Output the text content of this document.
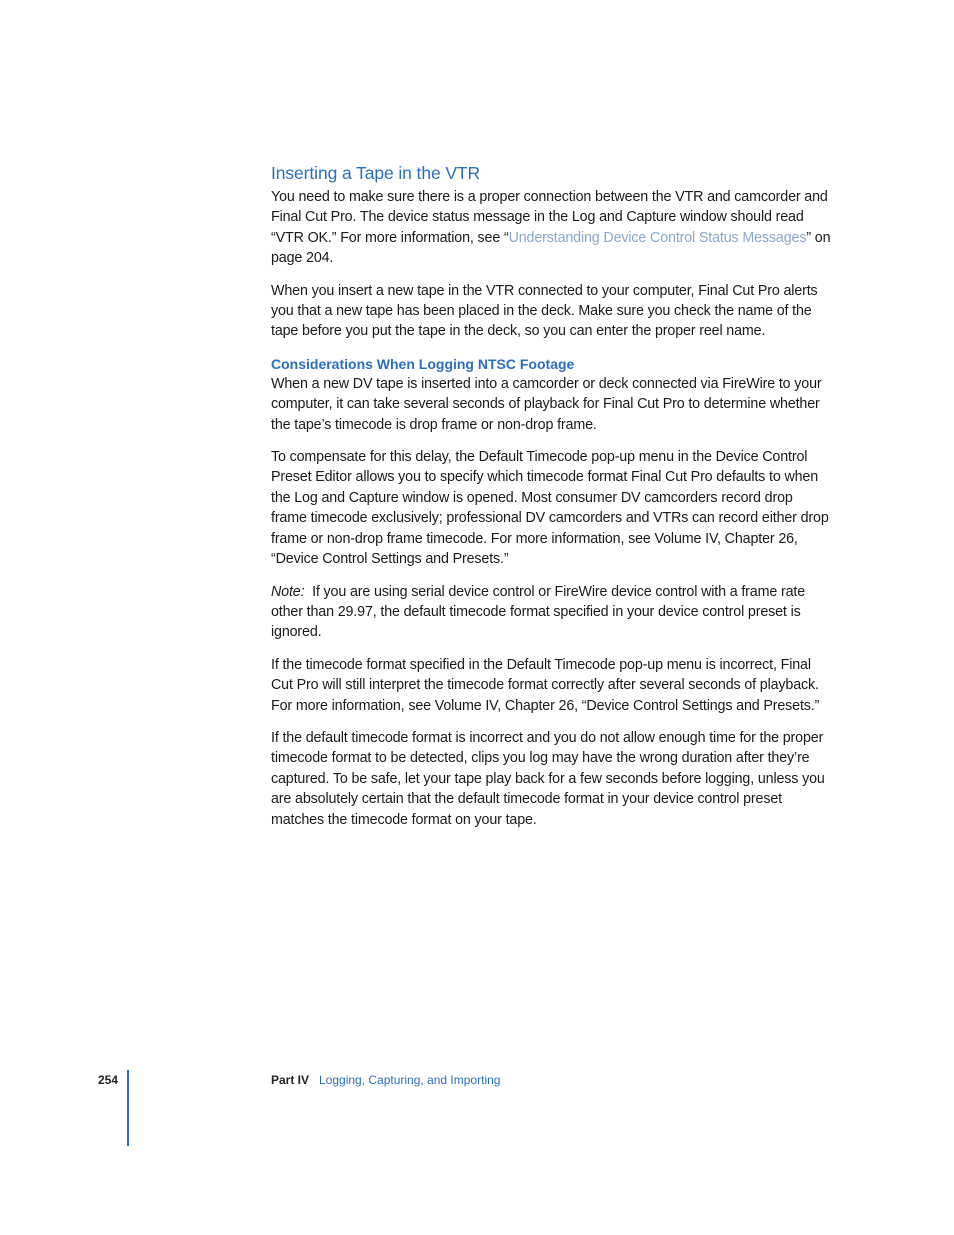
Inserting a Tape in the VTR

You need to make sure there is a proper connection between the VTR and camcorder and Final Cut Pro. The device status message in the Log and Capture window should read “VTR OK.” For more information, see “Understanding Device Control Status Messages” on page 204.

When you insert a new tape in the VTR connected to your computer, Final Cut Pro alerts you that a new tape has been placed in the deck. Make sure you check the name of the tape before you put the tape in the deck, so you can enter the proper reel name.

Considerations When Logging NTSC Footage

When a new DV tape is inserted into a camcorder or deck connected via FireWire to your computer, it can take several seconds of playback for Final Cut Pro to determine whether the tape’s timecode is drop frame or non-drop frame.

To compensate for this delay, the Default Timecode pop-up menu in the Device Control Preset Editor allows you to specify which timecode format Final Cut Pro defaults to when the Log and Capture window is opened. Most consumer DV camcorders record drop frame timecode exclusively; professional DV camcorders and VTRs can record either drop frame or non-drop frame timecode. For more information, see Volume IV, Chapter 26, “Device Control Settings and Presets.”

Note: If you are using serial device control or FireWire device control with a frame rate other than 29.97, the default timecode format specified in your device control preset is ignored.

If the timecode format specified in the Default Timecode pop-up menu is incorrect, Final Cut Pro will still interpret the timecode format correctly after several seconds of playback. For more information, see Volume IV, Chapter 26, “Device Control Settings and Presets.”

If the default timecode format is incorrect and you do not allow enough time for the proper timecode format to be detected, clips you log may have the wrong duration after they’re captured. To be safe, let your tape play back for a few seconds before logging, unless you are absolutely certain that the default timecode format in your device control preset matches the timecode format on your tape.

254	Part IV Logging, Capturing, and Importing
